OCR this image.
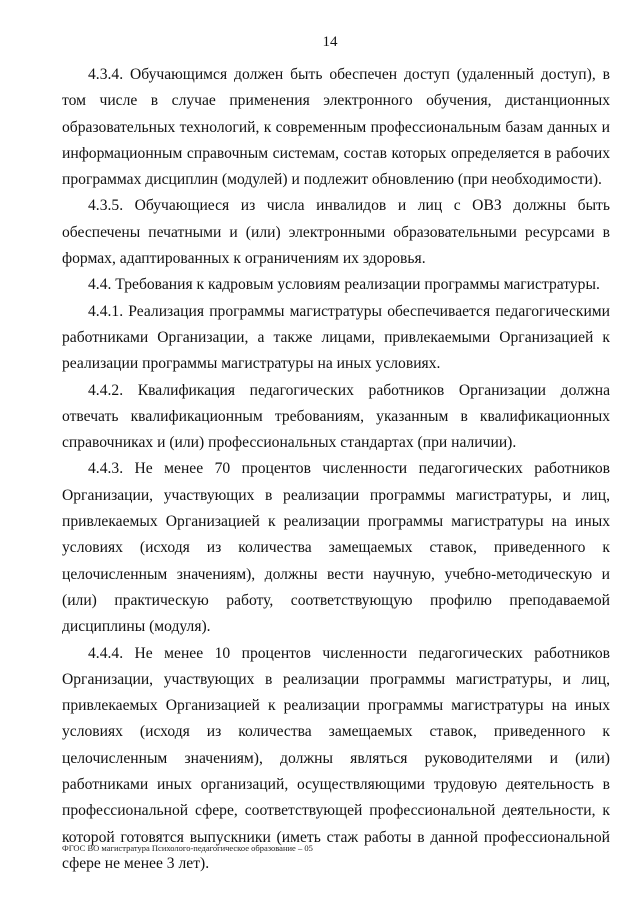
14

4.3.4. Обучающимся должен быть обеспечен доступ (удаленный доступ), в том числе в случае применения электронного обучения, дистанционных образовательных технологий, к современным профессиональным базам данных и информационным справочным системам, состав которых определяется в рабочих программах дисциплин (модулей) и подлежит обновлению (при необходимости).

4.3.5. Обучающиеся из числа инвалидов и лиц с ОВЗ должны быть обеспечены печатными и (или) электронными образовательными ресурсами в формах, адаптированных к ограничениям их здоровья.

4.4. Требования к кадровым условиям реализации программы магистратуры.

4.4.1. Реализация программы магистратуры обеспечивается педагогическими работниками Организации, а также лицами, привлекаемыми Организацией к реализации программы магистратуры на иных условиях.

4.4.2. Квалификация педагогических работников Организации должна отвечать квалификационным требованиям, указанным в квалификационных справочниках и (или) профессиональных стандартах (при наличии).

4.4.3. Не менее 70 процентов численности педагогических работников Организации, участвующих в реализации программы магистратуры, и лиц, привлекаемых Организацией к реализации программы магистратуры на иных условиях (исходя из количества замещаемых ставок, приведенного к целочисленным значениям), должны вести научную, учебно-методическую и (или) практическую работу, соответствующую профилю преподаваемой дисциплины (модуля).

4.4.4. Не менее 10 процентов численности педагогических работников Организации, участвующих в реализации программы магистратуры, и лиц, привлекаемых Организацией к реализации программы магистратуры на иных условиях (исходя из количества замещаемых ставок, приведенного к целочисленным значениям), должны являться руководителями и (или) работниками иных организаций, осуществляющими трудовую деятельность в профессиональной сфере, соответствующей профессиональной деятельности, к которой готовятся выпускники (иметь стаж работы в данной профессиональной сфере не менее 3 лет).

ФГОС ВО магистратура Психолого-педагогическое образование – 05
